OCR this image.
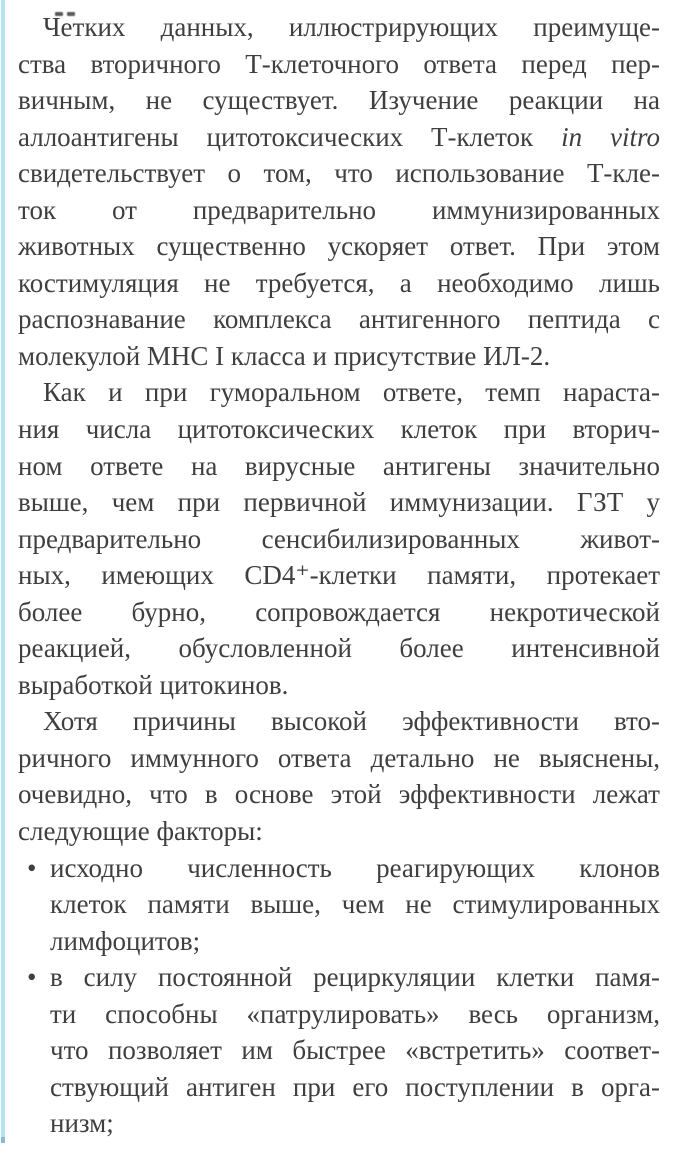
Четких данных, иллюстрирующих преимуще-
ства вторичного Т-клеточного ответа перед пер-
вичным, не существует. Изучение реакции на
аллоантигены цитотоксических Т-клеток in vitro
свидетельствует о том, что использование Т-кле-
ток от предварительно иммунизированных
животных существенно ускоряет ответ. При этом
костимуляция не требуется, а необходимо лишь
распознавание комплекса антигенного пептида с
молекулой MHC I класса и присутствие ИЛ-2.
Как и при гуморальном ответе, темп нараста-
ния числа цитотоксических клеток при вторич-
ном ответе на вирусные антигены значительно
выше, чем при первичной иммунизации. ГЗТ у
предварительно сенсибилизированных живот-
ных, имеющих CD4⁺-клетки памяти, протекает
более бурно, сопровождается некротической
реакцией, обусловленной более интенсивной
выработкой цитокинов.
Хотя причины высокой эффективности вто-
ричного иммунного ответа детально не выяснены,
очевидно, что в основе этой эффективности лежат
следующие факторы:
• исходно численность реагирующих клонов
клеток памяти выше, чем не стимулированных
лимфоцитов;
• в силу постоянной рециркуляции клетки памя-
ти способны «патрулировать» весь организм,
что позволяет им быстрее «встретить» соответ-
ствующий антиген при его поступлении в орга-
низм;
